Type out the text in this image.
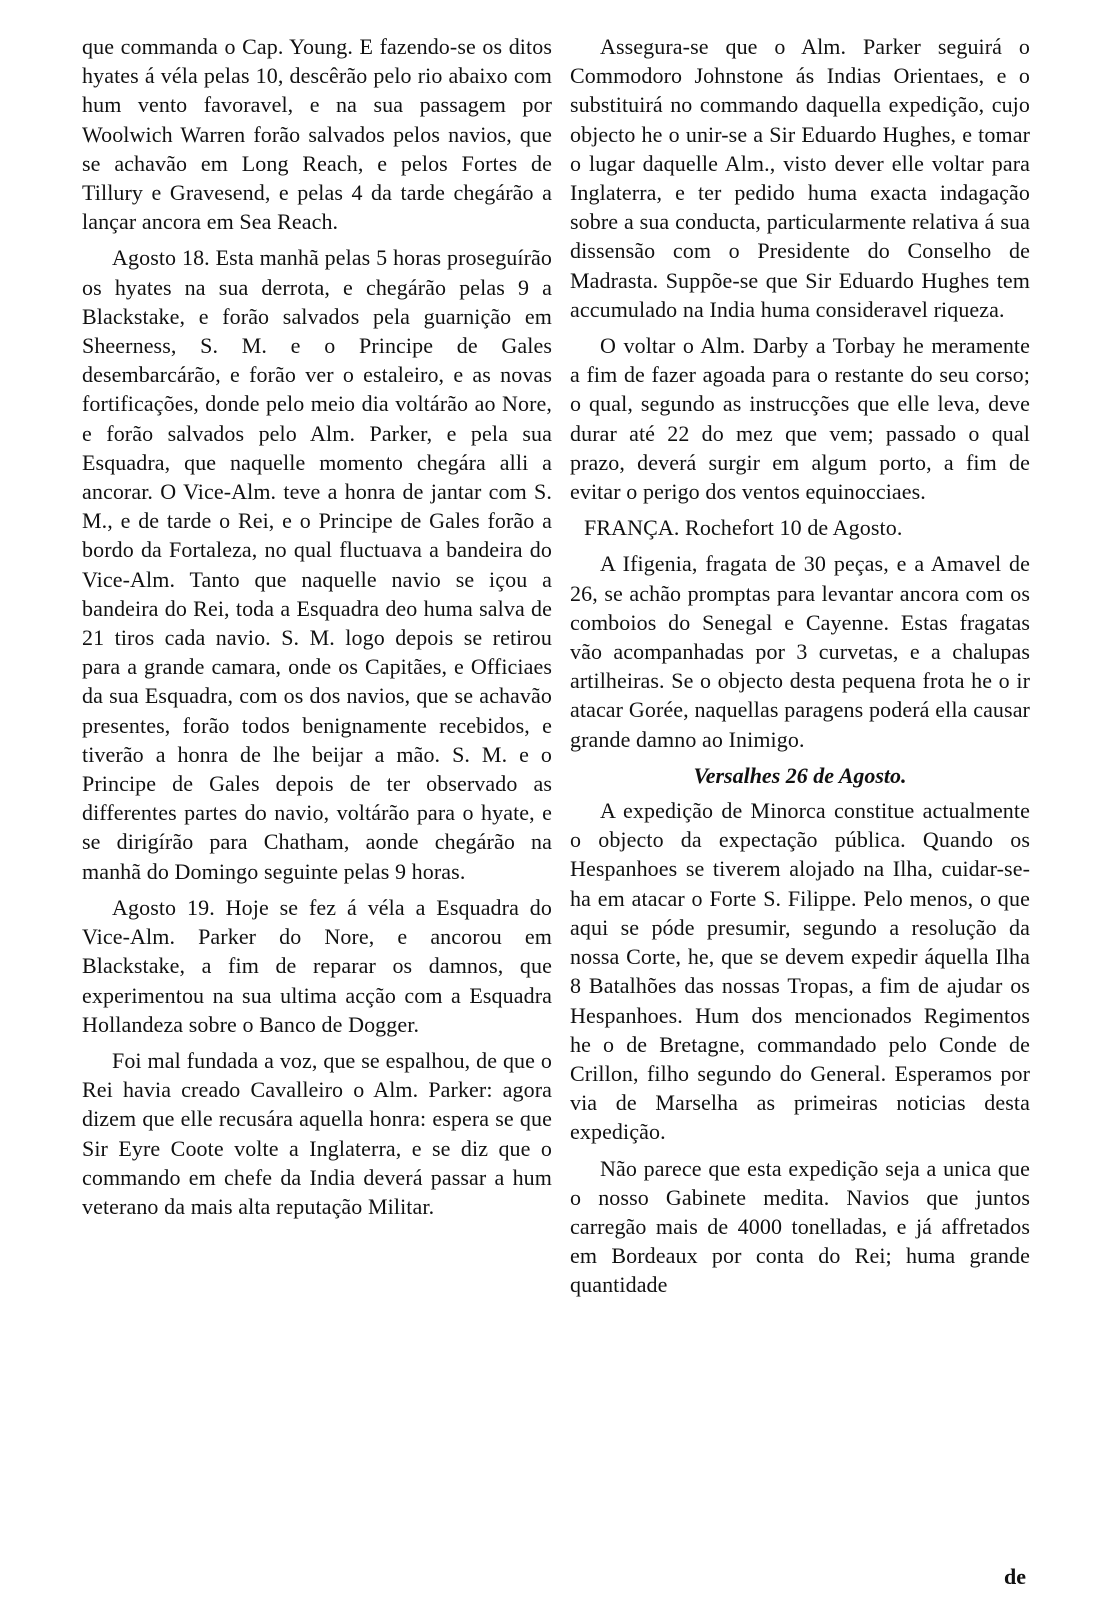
que commanda o Cap. Young. E fazendo-se os ditos hyates á véla pelas 10, descêrão pelo rio abaixo com hum vento favoravel, e na sua passagem por Woolwich Warren forão salvados pelos navios, que se achavão em Long Reach, e pelos Fortes de Tillury e Gravesend, e pelas 4 da tarde chegárão a lançar ancora em Sea Reach.

Agosto 18. Esta manhã pelas 5 horas proseguírão os hyates na sua derrota, e chegárão pelas 9 a Blackstake, e forão salvados pela guarnição em Sheerness, S. M. e o Principe de Gales desembarcárão, e forão ver o estaleiro, e as novas fortificações, donde pelo meio dia voltárão ao Nore, e forão salvados pelo Alm. Parker, e pela sua Esquadra, que naquelle momento chegára alli a ancorar. O Vice-Alm. teve a honra de jantar com S. M., e de tarde o Rei, e o Principe de Gales forão a bordo da Fortaleza, no qual fluctuava a bandeira do Vice-Alm. Tanto que naquelle navio se içou a bandeira do Rei, toda a Esquadra deo huma salva de 21 tiros cada navio. S. M. logo depois se retirou para a grande camara, onde os Capitães, e Officiaes da sua Esquadra, com os dos navios, que se achavão presentes, forão todos benignamente recebidos, e tiverão a honra de lhe beijar a mão. S. M. e o Principe de Gales depois de ter observado as differentes partes do navio, voltárão para o hyate, e se dirigírão para Chatham, aonde chegárão na manhã do Domingo seguinte pelas 9 horas.

Agosto 19. Hoje se fez á véla a Esquadra do Vice-Alm. Parker do Nore, e ancorou em Blackstake, a fim de reparar os damnos, que experimentou na sua ultima acção com a Esquadra Hollandeza sobre o Banco de Dogger.

Foi mal fundada a voz, que se espalhou, de que o Rei havia creado Cavalleiro o Alm. Parker: agora dizem que elle recusára aquella honra: espera se que Sir Eyre Coote volte a Inglaterra, e se diz que o commando em chefe da India deverá passar a hum veterano da mais alta reputação Militar.

Assegura-se que o Alm. Parker seguirá o Commodoro Johnstone ás Indias Orientaes, e o substituirá no commando daquella expedição, cujo objecto he o unir-se a Sir Eduardo Hughes, e tomar o lugar daquelle Alm., visto dever elle voltar para Inglaterra, e ter pedido huma exacta indagação sobre a sua conducta, particularmente relativa á sua dissensão com o Presidente do Conselho de Madrasta. Suppõe-se que Sir Eduardo Hughes tem accumulado na India huma consideravel riqueza.

O voltar o Alm. Darby a Torbay he meramente a fim de fazer agoada para o restante do seu corso; o qual, segundo as instrucções que elle leva, deve durar até 22 do mez que vem; passado o qual prazo, deverá surgir em algum porto, a fim de evitar o perigo dos ventos equinocciaes.

FRANÇA. Rochefort 10 de Agosto.

A Ifigenia, fragata de 30 peças, e a Amavel de 26, se achão promptas para levantar ancora com os comboios do Senegal e Cayenne. Estas fragatas vão acompanhadas por 3 curvetas, e a chalupas artilheiras. Se o objecto desta pequena frota he o ir atacar Gorée, naquellas paragens poderá ella causar grande damno ao Inimigo.

Versalhes 26 de Agosto.

A expedição de Minorca constitue actualmente o objecto da expectação pública. Quando os Hespanhoes se tiverem alojado na Ilha, cuidar-se-ha em atacar o Forte S. Filippe. Pelo menos, o que aqui se póde presumir, segundo a resolução da nossa Corte, he, que se devem expedir áquella Ilha 8 Batalhões das nossas Tropas, a fim de ajudar os Hespanhoes. Hum dos mencionados Regimentos he o de Bretagne, commandado pelo Conde de Crillon, filho segundo do General. Esperamos por via de Marselha as primeiras noticias desta expedição.

Não parece que esta expedição seja a unica que o nosso Gabinete medita. Navios que juntos carregão mais de 4000 tonelladas, e já affretados em Bordeaux por conta do Rei; huma grande quantidade

de
